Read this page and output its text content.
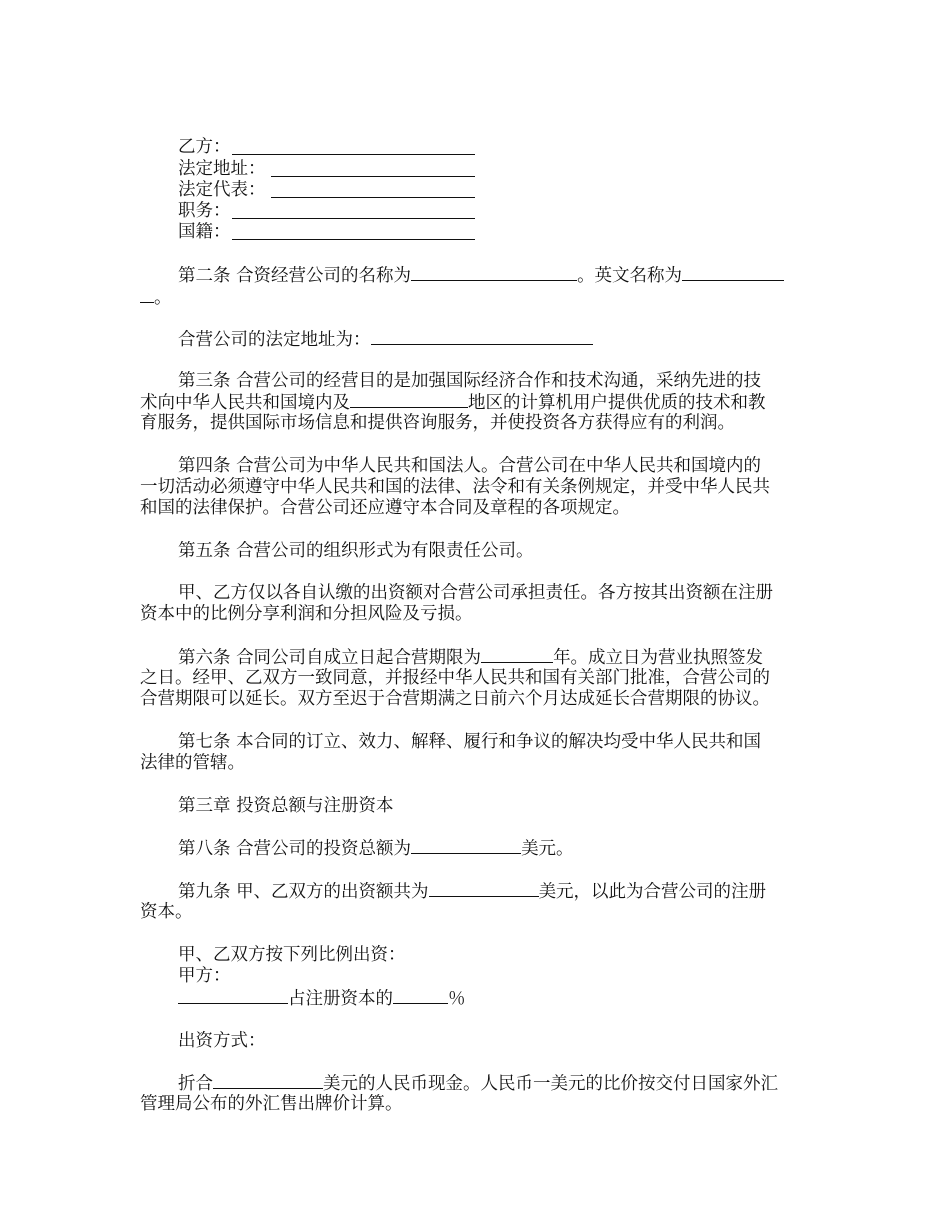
乙方：
法定地址：
法定代表：
职务：
国籍：
第二条 合资经营公司的名称为	。英文名称为
。
合营公司的法定地址为：
第三条 合营公司的经营目的是加强国际经济合作和技术沟通，采纳先进的技
术向中华人民共和国境内及	地区的计算机用户提供优质的技术和教
育服务，提供国际市场信息和提供咨询服务，并使投资各方获得应有的利润。
第四条 合营公司为中华人民共和国法人。合营公司在中华人民共和国境内的
一切活动必须遵守中华人民共和国的法律、法令和有关条例规定，并受中华人民共
和国的法律保护。合营公司还应遵守本合同及章程的各项规定。
第五条 合营公司的组织形式为有限责任公司。
甲、乙方仅以各自认缴的出资额对合营公司承担责任。各方按其出资额在注册
资本中的比例分享利润和分担风险及亏损。
第六条 合同公司自成立日起合营期限为	年。成立日为营业执照签发
之日。经甲、乙双方一致同意，并报经中华人民共和国有关部门批准，合营公司的
合营期限可以延长。双方至迟于合营期满之日前六个月达成延长合营期限的协议。
第七条 本合同的订立、效力、解释、履行和争议的解决均受中华人民共和国
法律的管辖。
第三章 投资总额与注册资本
第八条 合营公司的投资总额为	美元。
第九条 甲、乙双方的出资额共为	美元，以此为合营公司的注册
资本。
甲、乙双方按下列比例出资：
甲方：
占注册资本的	％
出资方式：
折合	美元的人民币现金。人民币一美元的比价按交付日国家外汇
管理局公布的外汇售出牌价计算。
